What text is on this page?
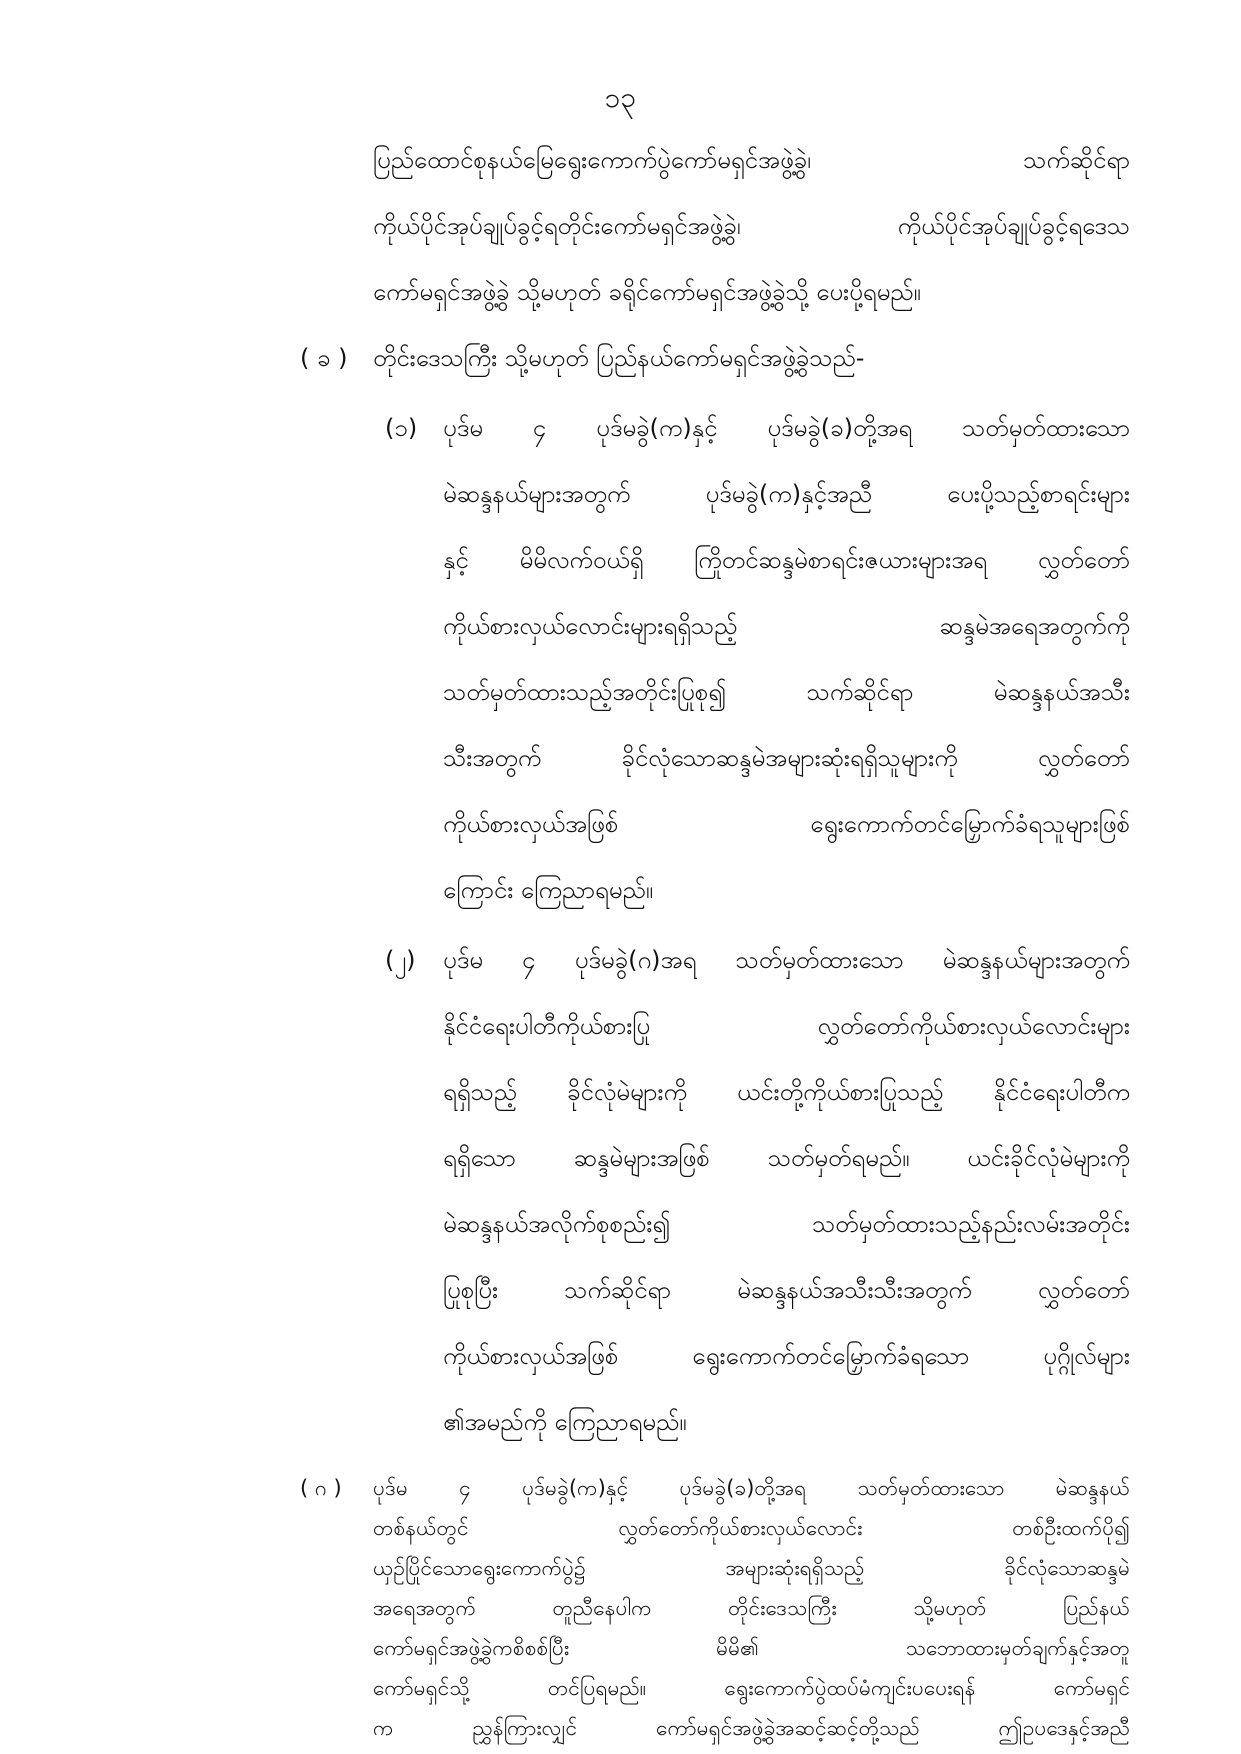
၁၃
ပြည်ထောင်စုနယ်မြေရွေးကောက်ပွဲကော်မရှင်အဖွဲ့ခွဲ၊ သက်ဆိုင်ရာ
ကိုယ်ပိုင်အုပ်ချုပ်ခွင့်ရတိုင်းကော်မရှင်အဖွဲ့ခွဲ၊ ကိုယ်ပိုင်အုပ်ချုပ်ခွင့်ရဒေသ
ကော်မရှင်အဖွဲ့ခွဲ သို့မဟုတ် ခရိုင်ကော်မရှင်အဖွဲ့ခွဲသို့ ပေးပို့ရမည်။
( ခ ) တိုင်းဒေသကြီး သို့မဟုတ် ပြည်နယ်ကော်မရှင်အဖွဲ့ခွဲသည်-
(၁) ပုဒ်မ ၄ ပုဒ်မခွဲ(က)နှင့် ပုဒ်မခွဲ(ခ)တို့အရ သတ်မှတ်ထားသော
မဲဆန္ဒနယ်များအတွက် ပုဒ်မခွဲ(က)နှင့်အညီ ပေးပို့သည့်စာရင်းများ
နှင့် မိမိလက်ဝယ်ရှိ ကြိုတင်ဆန္ဒမဲစာရင်းဇယားများအရ လွှတ်တော်
ကိုယ်စားလှယ်လောင်းများရရှိသည့် ဆန္ဒမဲအရေအတွက်ကို
သတ်မှတ်ထားသည့်အတိုင်းပြုစု၍ သက်ဆိုင်ရာ မဲဆန္ဒနယ်အသီး
သီးအတွက် ခိုင်လုံသောဆန္ဒမဲအများဆုံးရရှိသူများကို လွှတ်တော်
ကိုယ်စားလှယ်အဖြစ် ရွေးကောက်တင်မြှောက်ခံရသူများဖြစ်
ကြောင်း ကြေညာရမည်။
(၂) ပုဒ်မ ၄ ပုဒ်မခွဲ(ဂ)အရ သတ်မှတ်ထားသော မဲဆန္ဒနယ်များအတွက်
နိုင်ငံရေးပါတီကိုယ်စားပြု လွှတ်တော်ကိုယ်စားလှယ်လောင်းများ
ရရှိသည့် ခိုင်လုံမဲများကို ယင်းတို့ကိုယ်စားပြုသည့် နိုင်ငံရေးပါတီက
ရရှိသော ဆန္ဒမဲများအဖြစ် သတ်မှတ်ရမည်။ ယင်းခိုင်လုံမဲများကို
မဲဆန္ဒနယ်အလိုက်စုစည်း၍ သတ်မှတ်ထားသည့်နည်းလမ်းအတိုင်း
ပြုစုပြီး သက်ဆိုင်ရာ မဲဆန္ဒနယ်အသီးသီးအတွက် လွှတ်တော်
ကိုယ်စားလှယ်အဖြစ် ရွေးကောက်တင်မြှောက်ခံရသော ပုဂ္ဂိုလ်များ
၏အမည်ကို ကြေညာရမည်။
( ဂ ) ပုဒ်မ ၄ ပုဒ်မခွဲ(က)နှင့် ပုဒ်မခွဲ(ခ)တို့အရ သတ်မှတ်ထားသော မဲဆန္ဒနယ်
တစ်နယ်တွင် လွှတ်တော်ကိုယ်စားလှယ်လောင်း တစ်ဦးထက်ပို၍
ယှဉ်ပြိုင်သောရွေးကောက်ပွဲ၌ အများဆုံးရရှိသည့် ခိုင်လုံသောဆန္ဒမဲ
အရေအတွက် တူညီနေပါက တိုင်းဒေသကြီး သို့မဟုတ် ပြည်နယ်
ကော်မရှင်အဖွဲ့ခွဲကစိစစ်ပြီး မိမိ၏ သဘောထားမှတ်ချက်နှင့်အတူ
ကော်မရှင်သို့ တင်ပြရမည်။ ရွေးကောက်ပွဲထပ်မံကျင်းပပေးရန် ကော်မရှင်
က ညွှန်ကြားလျှင် ကော်မရှင်အဖွဲ့ခွဲအဆင့်ဆင့်တို့သည် ဤဥပဒေနှင့်အညီ
